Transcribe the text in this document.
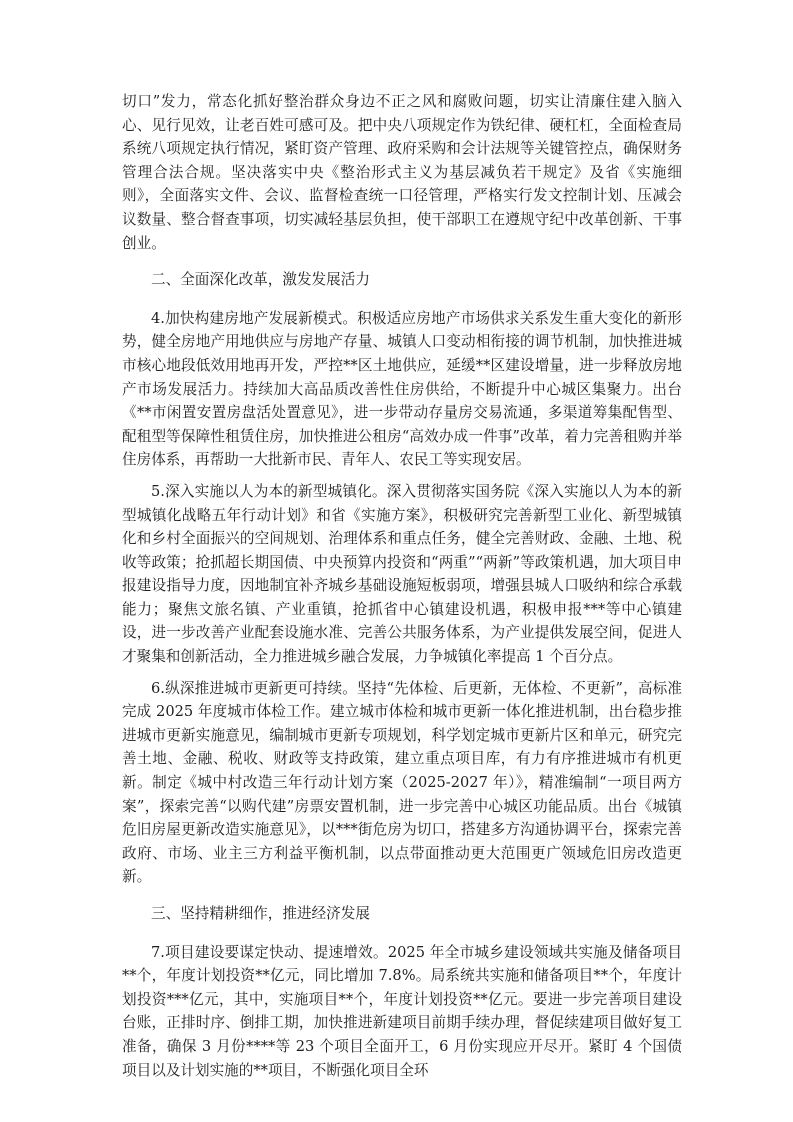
切口”发力，常态化抓好整治群众身边不正之风和腐败问题，切实让清廉住建入脑入心、见行见效，让老百姓可感可及。把中央八项规定作为铁纪律、硬杠杠，全面检查局系统八项规定执行情况，紧盯资产管理、政府采购和会计法规等关键管控点，确保财务管理合法合规。坚决落实中央《整治形式主义为基层减负若干规定》及省《实施细则》，全面落实文件、会议、监督检查统一口径管理，严格实行发文控制计划、压减会议数量、整合督查事项，切实减轻基层负担，使干部职工在遵规守纪中改革创新、干事创业。

二、全面深化改革，激发发展活力

4.加快构建房地产发展新模式。积极适应房地产市场供求关系发生重大变化的新形势，健全房地产用地供应与房地产存量、城镇人口变动相衔接的调节机制，加快推进城市核心地段低效用地再开发，严控**区土地供应，延缓**区建设增量，进一步释放房地产市场发展活力。持续加大高品质改善性住房供给，不断提升中心城区集聚力。出台《**市闲置安置房盘活处置意见》，进一步带动存量房交易流通，多渠道筹集配售型、配租型等保障性租赁住房，加快推进公租房“高效办成一件事”改革，着力完善租购并举住房体系，再帮助一大批新市民、青年人、农民工等实现安居。

5.深入实施以人为本的新型城镇化。深入贯彻落实国务院《深入实施以人为本的新型城镇化战略五年行动计划》和省《实施方案》，积极研究完善新型工业化、新型城镇化和乡村全面振兴的空间规划、治理体系和重点任务，健全完善财政、金融、土地、税收等政策；抢抓超长期国债、中央预算内投资和“两重”“两新”等政策机遇，加大项目申报建设指导力度，因地制宜补齐城乡基础设施短板弱项，增强县城人口吸纳和综合承载能力；聚焦文旅名镇、产业重镇，抢抓省中心镇建设机遇，积极申报***等中心镇建设，进一步改善产业配套设施水准、完善公共服务体系，为产业提供发展空间，促进人才聚集和创新活动，全力推进城乡融合发展，力争城镇化率提高 1 个百分点。

6.纵深推进城市更新更可持续。坚持“先体检、后更新，无体检、不更新”，高标准完成 2025 年度城市体检工作。建立城市体检和城市更新一体化推进机制，出台稳步推进城市更新实施意见，编制城市更新专项规划，科学划定城市更新片区和单元，研究完善土地、金融、税收、财政等支持政策，建立重点项目库，有力有序推进城市有机更新。制定《城中村改造三年行动计划方案（2025-2027 年）》，精准编制“一项目两方案”，探索完善“以购代建”房票安置机制，进一步完善中心城区功能品质。出台《城镇危旧房屋更新改造实施意见》，以***街危房为切口，搭建多方沟通协调平台，探索完善政府、市场、业主三方利益平衡机制，以点带面推动更大范围更广领域危旧房改造更新。

三、坚持精耕细作，推进经济发展

7.项目建设要谋定快动、提速增效。2025 年全市城乡建设领域共实施及储备项目**个，年度计划投资**亿元，同比增加 7.8%。局系统共实施和储备项目**个，年度计划投资***亿元，其中，实施项目**个，年度计划投资**亿元。要进一步完善项目建设台账，正排时序、倒排工期，加快推进新建项目前期手续办理，督促续建项目做好复工准备，确保 3 月份****等 23 个项目全面开工，6 月份实现应开尽开。紧盯 4 个国债项目以及计划实施的**项目，不断强化项目全环
